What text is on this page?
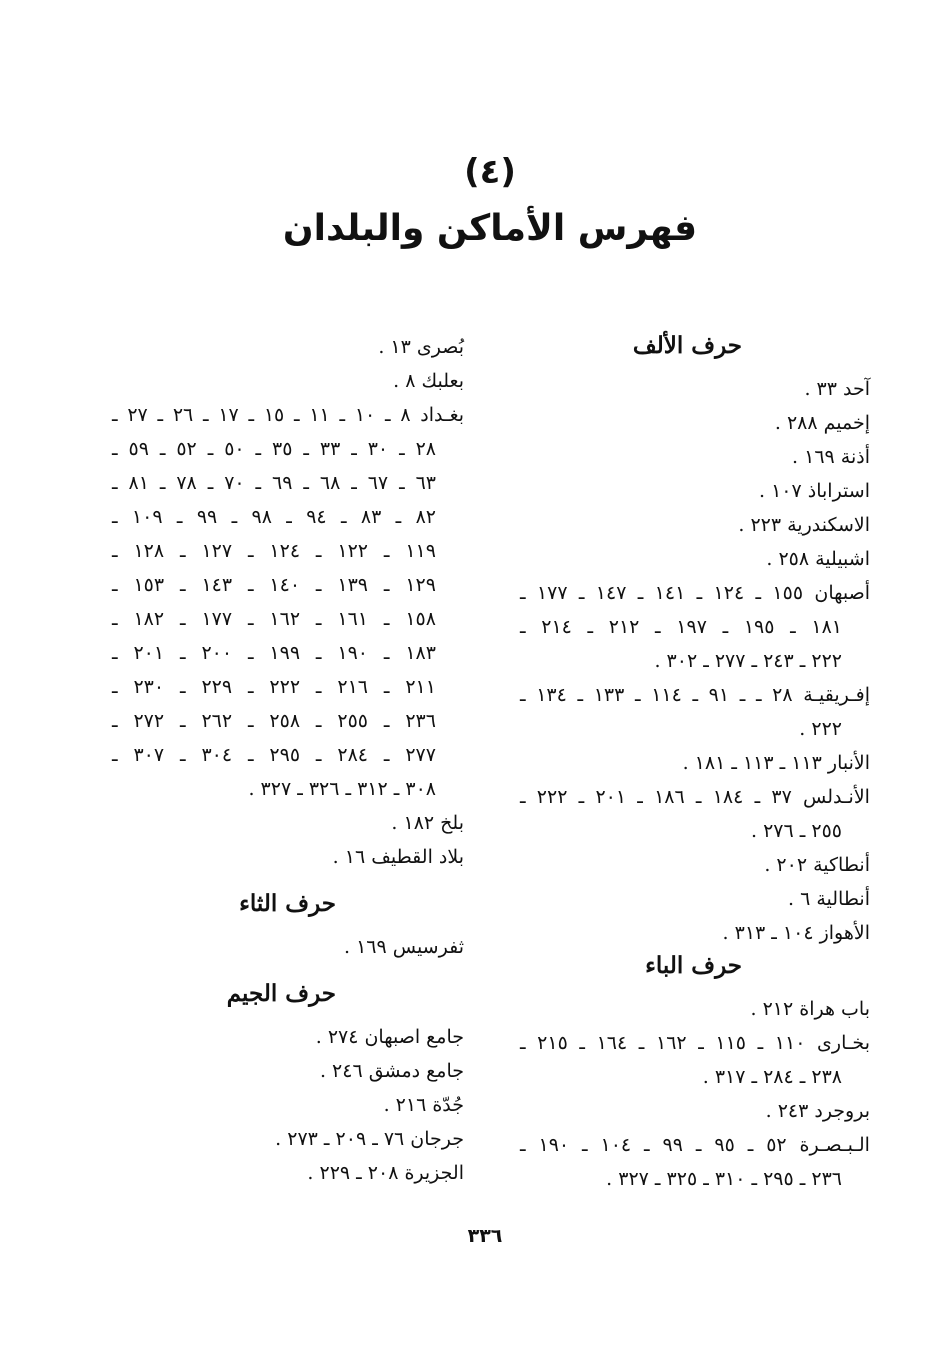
(٤)
فهرس الأماكن والبلدان
حرف الألف
آحد ٣٣ .
إخميم ٢٨٨ .
أذنة ١٦٩ .
استراباذ ١٠٧ .
الاسكندرية ٢٢٣ .
اشبيلية ٢٥٨ .
أصبهان ١٥٥ ـ ١٢٤ ـ ١٤١ ـ ١٤٧ ـ ١٧٧ ـ
١٨١ ـ ١٩٥ ـ ١٩٧ ـ ٢١٢ ـ ٢١٤ ـ
٢٢٢ ـ ٢٤٣ ـ ٢٧٧ ـ ٣٠٢ .
إفـريقيـة ٢٨ ـ ـ ٩١ ـ ١١٤ ـ ١٣٣ ـ ١٣٤ ـ
٢٢٢ .
الأنبار ١١٣ ـ ١١٣ ـ ١٨١ .
الأنـدلس ٣٧ ـ ١٨٤ ـ ١٨٦ ـ ٢٠١ ـ ٢٢٢ ـ
٢٥٥ ـ ٢٧٦ .
أنطاكية ٢٠٢ .
أنطالية ٦ .
الأهواز ١٠٤ ـ ٣١٣ .
حرف الباء
باب هراة ٢١٢ .
بخـارى ١١٠ ـ ١١٥ ـ ١٦٢ ـ ١٦٤ ـ ٢١٥ ـ
٢٣٨ ـ ٢٨٤ ـ ٣١٧ .
بروجرد ٢٤٣ .
الـبـصـرة ٥٢ ـ ٩٥ ـ ٩٩ ـ ١٠٤ ـ ١٩٠ ـ
٢٣٦ ـ ٢٩٥ ـ ٣١٠ ـ ٣٢٥ ـ ٣٢٧ .
بُصرى ١٣ .
بعلبك ٨ .
بغـداد ٨ ـ ١٠ ـ ١١ ـ ١٥ ـ ١٧ ـ ٢٦ ـ ٢٧ ـ
٢٨ ـ ٣٠ ـ ٣٣ ـ ٣٥ ـ ٥٠ ـ ٥٢ ـ ٥٩ ـ
٦٣ ـ ٦٧ ـ ٦٨ ـ ٦٩ ـ ٧٠ ـ ٧٨ ـ ٨١ ـ
٨٢ ـ ٨٣ ـ ٩٤ ـ ٩٨ ـ ٩٩ ـ ١٠٩ ـ
١١٩ ـ ١٢٢ ـ ١٢٤ ـ ١٢٧ ـ ١٢٨ ـ
١٢٩ ـ ١٣٩ ـ ١٤٠ ـ ١٤٣ ـ ١٥٣ ـ
١٥٨ ـ ١٦١ ـ ١٦٢ ـ ١٧٧ ـ ١٨٢ ـ
١٨٣ ـ ١٩٠ ـ ١٩٩ ـ ٢٠٠ ـ ٢٠١ ـ
٢١١ ـ ٢١٦ ـ ٢٢٢ ـ ٢٢٩ ـ ٢٣٠ ـ
٢٣٦ ـ ٢٥٥ ـ ٢٥٨ ـ ٢٦٢ ـ ٢٧٢ ـ
٢٧٧ ـ ٢٨٤ ـ ٢٩٥ ـ ٣٠٤ ـ ٣٠٧ ـ
٣٠٨ ـ ٣١٢ ـ ٣٢٦ ـ ٣٢٧ .
بلخ ١٨٢ .
بلاد القطيف ١٦ .
حرف الثاء
ثفرسيس ١٦٩ .
حرف الجيم
جامع اصبهان ٢٧٤ .
جامع دمشق ٢٤٦ .
جُدّة ٢١٦ .
جرجان ٧٦ ـ ٢٠٩ ـ ٢٧٣ .
الجزيرة ٢٠٨ ـ ٢٢٩ .
٣٣٦
